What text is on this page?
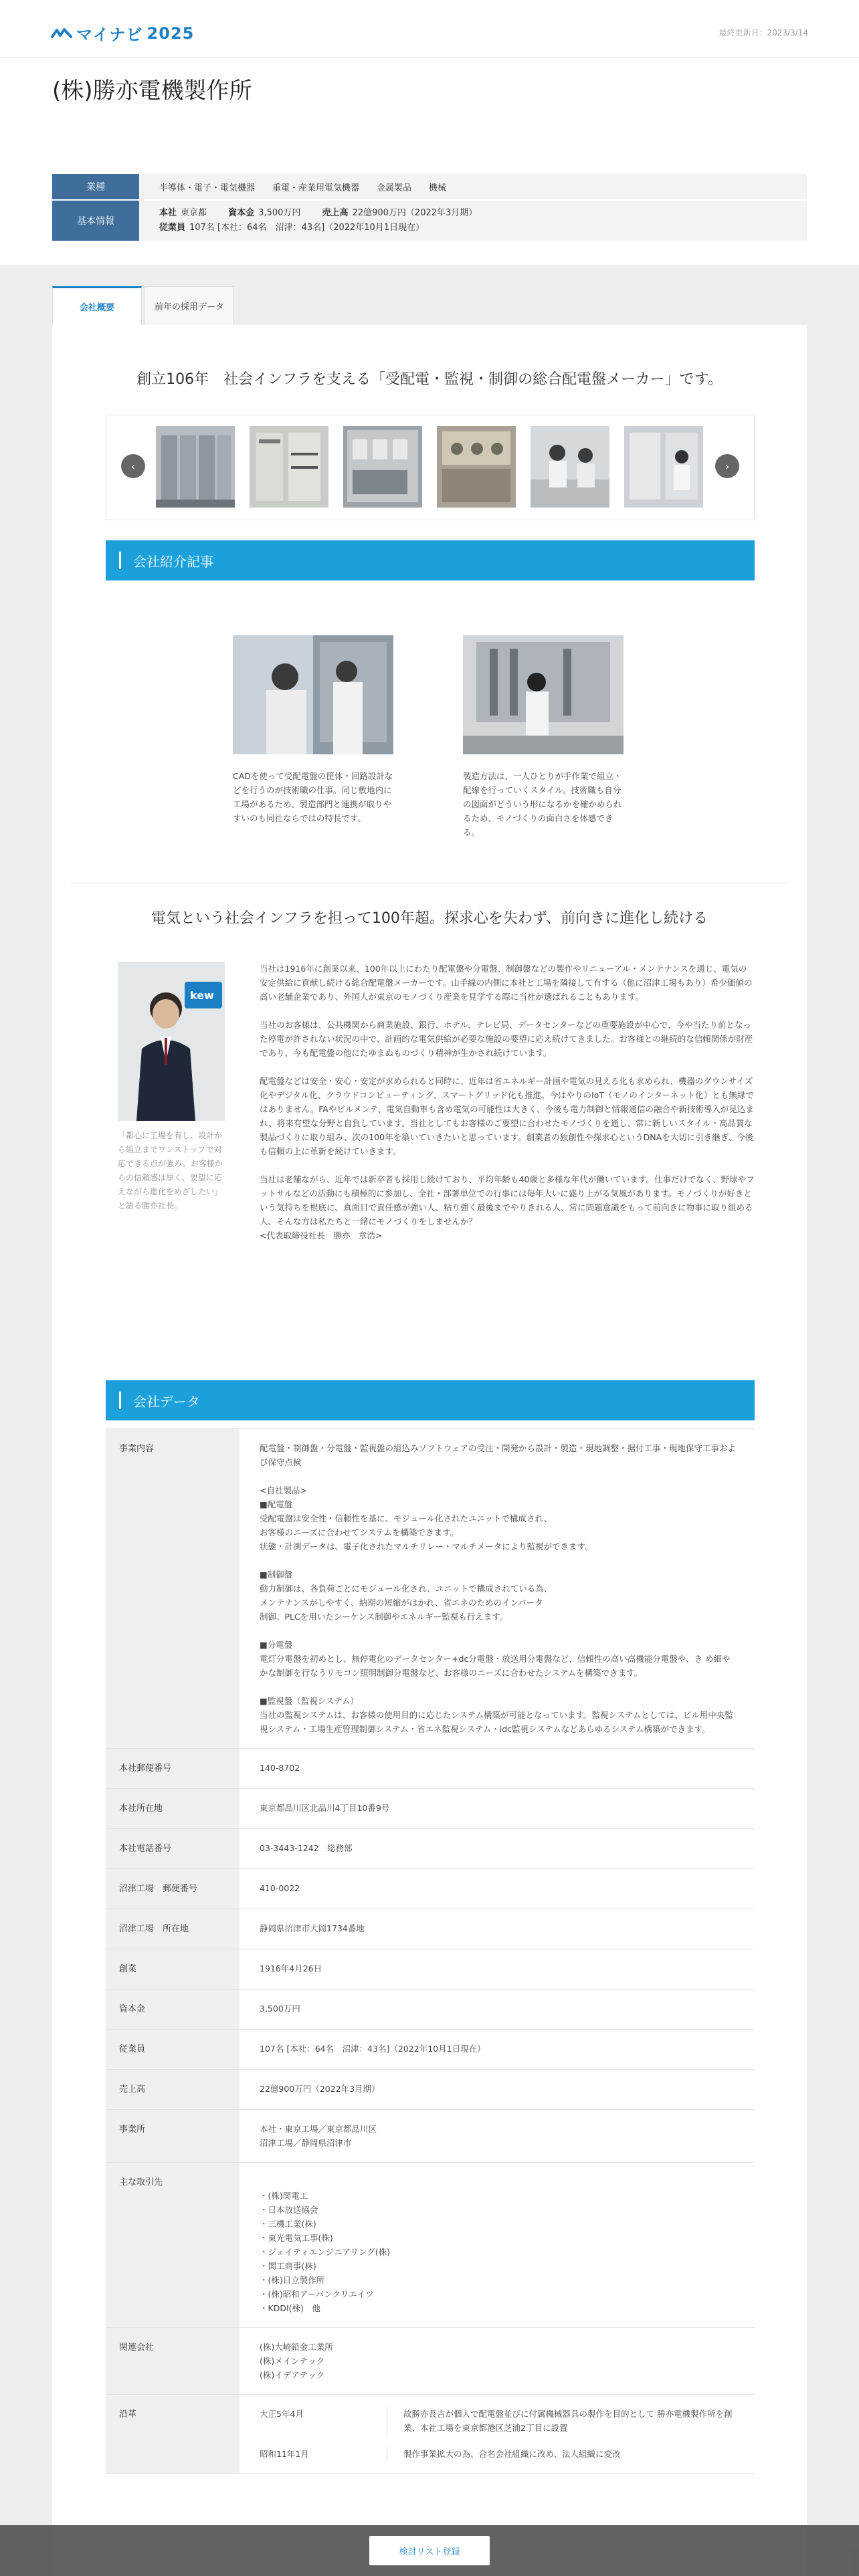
マイナビ 2025	最終更新日：2023/3/14
(株)勝亦電機製作所
業種	半導体・電子・電気機器 重電・産業用電気機器 金属製品 機械
基本情報
本社 東京都 資本金 3,500万円 売上高 22億900万円（2022年3月期）
従業員 107名 [本社：64名　沼津：43名]（2022年10月1日現在）
会社概要	前年の採用データ
創立106年　社会インフラを支える「受配電・監視・制御の総合配電盤メーカー」です。
‹	›
会社紹介記事
CADを使って受配電盤の筐体・回路設計などを行うのが技術職の仕事。同じ敷地内に工場があるため、製造部門と連携が取りやすいのも同社ならではの特長です。
製造方法は、一人ひとりが手作業で組立・配線を行っていくスタイル。技術職も自分の図面がどういう形になるかを確かめられるため、モノづくりの面白さを体感できる。
電気という社会インフラを担って100年超。探求心を失わず、前向きに進化し続ける
kew
「都心に工場を有し、設計から組立までワンストップで対応できる点が強み。お客様からの信頼感は厚く、要望に応えながら進化をめざしたい」と語る勝亦社長。

当社は1916年に創業以来、100年以上にわたり配電盤や分電盤、制御盤などの製作やリニューアル・メンテナンスを通じ、電気の安定供給に貢献し続ける総合配電盤メーカーです。山手線の内側に本社と工場を隣接して有する（他に沼津工場もあり）希少価値の高い老舗企業であり、外国人が東京のモノづくり産業を見学する際に当社が選ばれることもあります。

当社のお客様は、公共機関から商業施設、銀行、ホテル、テレビ局、データセンターなどの重要施設が中心で、今や当たり前となった停電が許されない状況の中で、計画的な電気供給が必要な施設の要望に応え続けてきました。お客様との継続的な信頼関係が財産であり、今も配電盤の他にたゆまぬものづくり精神が生かされ続けています。

配電盤などは安全・安心・安定が求められると同時に、近年は省エネルギー計画や電気の見える化も求められ、機器のダウンサイズ化やデジタル化、クラウドコンピューティング、スマートグリッド化も推進。今はやりのIoT（モノのインターネット化）とも無縁ではありません。FAやビルメンテ、電気自動車も含め電気の可能性は大きく、今後も電力制御と情報通信の融合や新技術導入が見込まれ、将来有望な分野と自負しています。当社としてもお客様のご要望に合わせたモノづくりを通し、常に新しいスタイル・高品質な製品づくりに取り組み、次の100年を築いていきたいと思っています。創業者の独創性や探求心というDNAを大切に引き継ぎ、今後も信頼の上に革新を続けていきます。

当社は老舗ながら、近年では新卒者も採用し続けており、平均年齢も40歳と多様な年代が働いています。仕事だけでなく、野球やフットサルなどの活動にも積極的に参加し、全社・部署単位での行事には毎年大いに盛り上がる気風があります。モノづくりが好きという気持ちを根底に、真面目で責任感が強い人、粘り強く最後までやりきれる人、常に問題意識をもって前向きに物事に取り組める人、そんな方は私たちと一緒にモノづくりをしませんか？
<代表取締役社長　勝亦　章浩>

会社データ
事業内容	配電盤・制御盤・分電盤・監視盤の組込みソフトウェアの受注・開発から設計・製造・現地調整・据付工事・現地保守工事および保守点検

<自社製品>
■配電盤
受配電盤は安全性・信頼性を基に、モジュール化されたユニットで構成され、
お客様のニーズに合わせてシステムを構築できます。
状態・計測データは、電子化されたマルチリレー・マルチメータにより監視ができます。

■制御盤
動力制御は、各負荷ごとにモジュール化され、ユニットで構成されている為、
メンテナンスがしやすく、納期の短縮がはかれ、省エネのためのインバータ
制御、PLCを用いたシーケンス制御やエネルギー監視も行えます。

■分電盤
電灯分電盤を初めとし、無停電化のデータセンター+dc分電盤・放送用分電盤など、信頼性の高い高機能分電盤や、き め細やかな制御を行なうリモコン照明制御分電盤など、お客様のニーズに合わせたシステムを構築できます。

■監視盤（監視システム）
当社の監視システムは、お客様の使用目的に応じたシステム構築が可能となっています。監視システムとしては、ビル用中央監視システム・工場生産管理制御システム・省エネ監視システム・idc監視システムなどあらゆるシステム構築ができます。
本社郵便番号	140-8702
本社所在地	東京都品川区北品川4丁目10番9号
本社電話番号	03-3443-1242　総務部
沼津工場　郵便番号	410-0022
沼津工場　所在地	静岡県沼津市大岡1734番地
創業	1916年4月26日
資本金	3,500万円
従業員	107名 [本社：64名　沼津：43名]（2022年10月1日現在）
売上高	22億900万円（2022年3月期）
事業所	本社・東京工場／東京都品川区
沼津工場／静岡県沼津市
主な取引先

・(株)関電工
・日本放送協会
・三機工業(株)
・東光電気工事(株)
・ジェイティエンジニアリング(株)
・関工商事(株)
・(株)日立製作所
・(株)昭和アーバンクリエイツ
・KDDI(株)　他
関連会社	(株)大崎鉛金工業所
(株)メインテック
(株)イデアテック
沿革	大正5年4月	故勝亦長吉が個人で配電盤並びに付属機械器具の製作を目的として 勝亦電機製作所を創業、本社工場を東京都港区芝浦2丁目に設置
昭和11年1月	製作事業拡大の為、合名会社組織に改め、法人組織に変改
検討リスト登録
